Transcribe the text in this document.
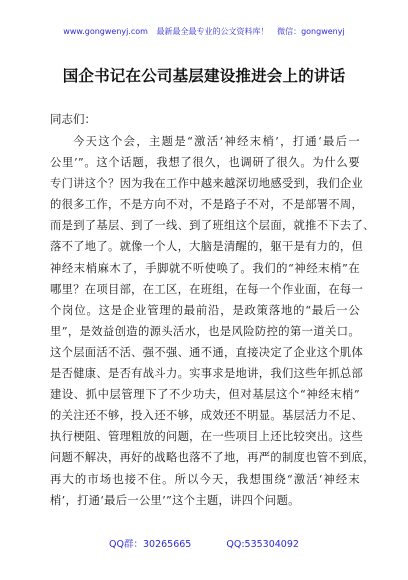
www.gongwenyj.com 最新最全最专业的公文资料库！ 微信：gongwenyj
国企书记在公司基层建设推进会上的讲话
同志们：
今天这个会，主题是“激活‘神经末梢’，打通‘最后一
公里’”。这个话题，我想了很久，也调研了很久。为什么要
专门讲这个？因为我在工作中越来越深切地感受到，我们企业
的很多工作，不是方向不对，不是路子不对，不是部署不周，
而是到了基层、到了一线、到了班组这个层面，就推不下去了、
落不了地了。就像一个人，大脑是清醒的，躯干是有力的，但
神经末梢麻木了，手脚就不听使唤了。我们的“神经末梢”在
哪里？在项目部，在工区，在班组，在每一个作业面，在每一
个岗位。这是企业管理的最前沿，是政策落地的“最后一公
里”，是效益创造的源头活水，也是风险防控的第一道关口。
这个层面活不活、强不强、通不通，直接决定了企业这个肌体
是否健康、是否有战斗力。实事求是地讲，我们这些年抓总部
建设、抓中层管理下了不少功夫，但对基层这个“神经末梢”
的关注还不够，投入还不够，成效还不明显。基层活力不足、
执行梗阻、管理粗放的问题，在一些项目上还比较突出。这些
问题不解决，再好的战略也落不了地，再严的制度也管不到底，
再大的市场也接不住。所以今天，我想围绕“激活‘神经末
梢’，打通‘最后一公里’”这个主题，讲四个问题。
QQ群：30265665	QQ:535304092
